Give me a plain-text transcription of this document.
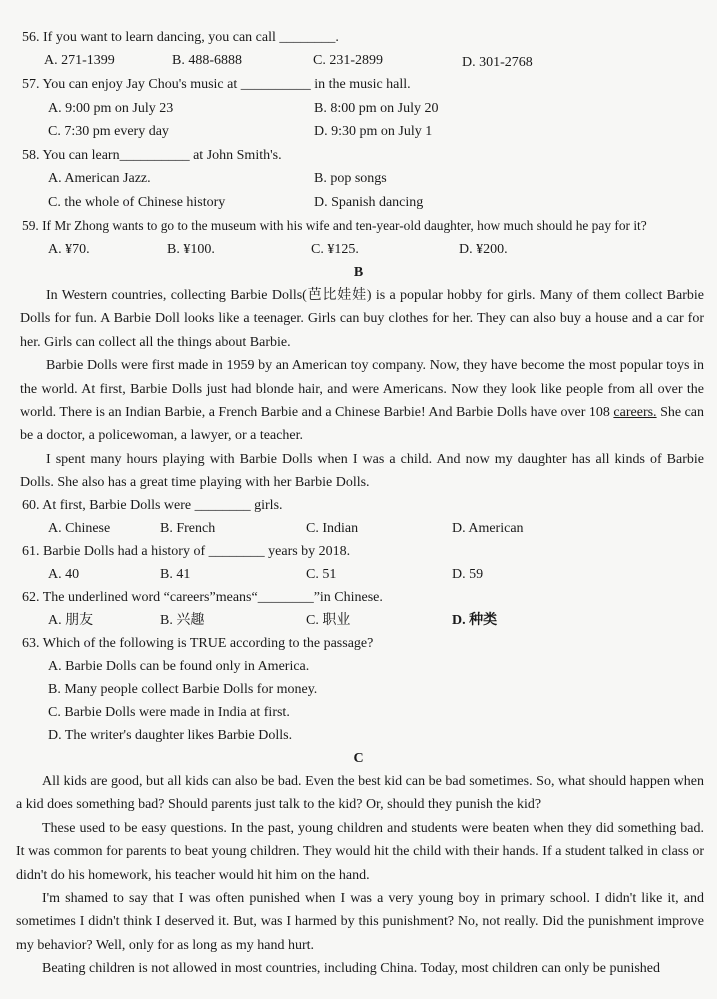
56. If you want to learn dancing, you can call ________.
A. 271-1399	B. 488-6888	C. 231-2899	D. 301-2768
57. You can enjoy Jay Chou's music at __________ in the music hall.
A. 9:00 pm on July 23	B. 8:00 pm on July 20
C. 7:30 pm every day	D. 9:30 pm on July 1
58. You can learn__________ at John Smith's.
A. American Jazz.	B. pop songs
C. the whole of Chinese history	D. Spanish dancing
59. If Mr Zhong wants to go to the museum with his wife and ten-year-old daughter, how much should he pay for it?
A. ¥70.	B. ¥100.	C. ¥125.	D. ¥200.
B

In Western countries, collecting Barbie Dolls(芭比娃娃) is a popular hobby for girls. Many of them collect Barbie Dolls for fun. A Barbie Doll looks like a teenager. Girls can buy clothes for her. They can also buy a house and a car for her. Girls can collect all the things about Barbie.

Barbie Dolls were first made in 1959 by an American toy company. Now, they have become the most popular toys in the world. At first, Barbie Dolls just had blonde hair, and were Americans. Now they look like people from all over the world. There is an Indian Barbie, a French Barbie and a Chinese Barbie! And Barbie Dolls have over 108 careers. She can be a doctor, a policewoman, a lawyer, or a teacher.

I spent many hours playing with Barbie Dolls when I was a child. And now my daughter has all kinds of Barbie Dolls. She also has a great time playing with her Barbie Dolls.

60. At first, Barbie Dolls were ________ girls.
A. Chinese	B. French	C. Indian	D. American
61. Barbie Dolls had a history of ________ years by 2018.
A. 40	B. 41	C. 51	D. 59
62. The underlined word “careers”means“________”in Chinese.
A. 朋友	B. 兴趣	C. 职业	D. 种类
63. Which of the following is TRUE according to the passage?
A. Barbie Dolls can be found only in America.
B. Many people collect Barbie Dolls for money.
C. Barbie Dolls were made in India at first.
D. The writer's daughter likes Barbie Dolls.
C

All kids are good, but all kids can also be bad. Even the best kid can be bad sometimes. So, what should happen when a kid does something bad? Should parents just talk to the kid? Or, should they punish the kid?

These used to be easy questions. In the past, young children and students were beaten when they did something bad. It was common for parents to beat young children. They would hit the child with their hands. If a student talked in class or didn't do his homework, his teacher would hit him on the hand.

I'm shamed to say that I was often punished when I was a very young boy in primary school. I didn't like it, and sometimes I didn't think I deserved it. But, was I harmed by this punishment? No, not really. Did the punishment improve my behavior? Well, only for as long as my hand hurt.

Beating children is not allowed in most countries, including China. Today, most children can only be punished
